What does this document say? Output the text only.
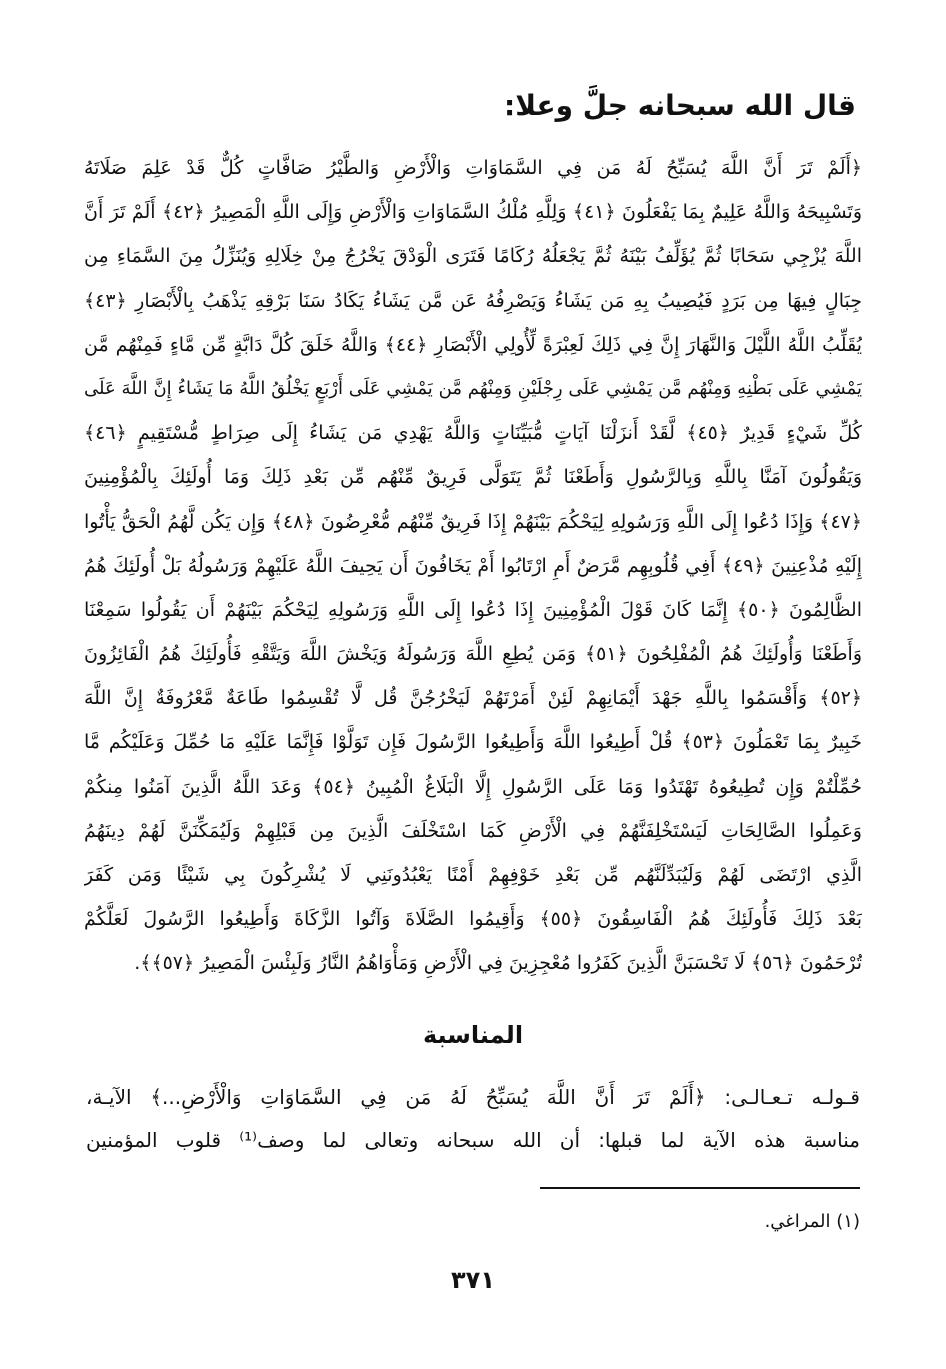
قال الله سبحانه جلَّ وعلا:
﴿أَلَمْ تَرَ أَنَّ اللَّهَ يُسَبِّحُ لَهُ مَن فِي السَّمَاوَاتِ وَالْأَرْضِ وَالطَّيْرُ صَافَّاتٍ كُلٌّ قَدْ عَلِمَ صَلَاتَهُ
وَتَسْبِيحَهُ وَاللَّهُ عَلِيمٌ بِمَا يَفْعَلُونَ ﴿٤١﴾ وَلِلَّهِ مُلْكُ السَّمَاوَاتِ وَالْأَرْضِ وَإِلَى اللَّهِ الْمَصِيرُ ﴿٤٢﴾ أَلَمْ تَرَ أَنَّ
اللَّهَ يُزْجِي سَحَابًا ثُمَّ يُؤَلِّفُ بَيْنَهُ ثُمَّ يَجْعَلُهُ رُكَامًا فَتَرَى الْوَدْقَ يَخْرُجُ مِنْ خِلَالِهِ وَيُنَزِّلُ مِنَ السَّمَاءِ مِن
جِبَالٍ فِيهَا مِن بَرَدٍ فَيُصِيبُ بِهِ مَن يَشَاءُ وَيَصْرِفُهُ عَن مَّن يَشَاءُ يَكَادُ سَنَا بَرْقِهِ يَذْهَبُ بِالْأَبْصَارِ ﴿٤٣﴾
يُقَلِّبُ اللَّهُ اللَّيْلَ وَالنَّهَارَ إِنَّ فِي ذَلِكَ لَعِبْرَةً لِّأُولِي الْأَبْصَارِ ﴿٤٤﴾ وَاللَّهُ خَلَقَ كُلَّ دَابَّةٍ مِّن مَّاءٍ فَمِنْهُم مَّن
يَمْشِي عَلَى بَطْنِهِ وَمِنْهُم مَّن يَمْشِي عَلَى رِجْلَيْنِ وَمِنْهُم مَّن يَمْشِي عَلَى أَرْبَعٍ يَخْلُقُ اللَّهُ مَا يَشَاءُ إِنَّ اللَّهَ عَلَى
كُلِّ شَيْءٍ قَدِيرٌ ﴿٤٥﴾ لَّقَدْ أَنزَلْنَا آيَاتٍ مُّبَيِّنَاتٍ وَاللَّهُ يَهْدِي مَن يَشَاءُ إِلَى صِرَاطٍ مُّسْتَقِيمٍ ﴿٤٦﴾
وَيَقُولُونَ آمَنَّا بِاللَّهِ وَبِالرَّسُولِ وَأَطَعْنَا ثُمَّ يَتَوَلَّى فَرِيقٌ مِّنْهُم مِّن بَعْدِ ذَلِكَ وَمَا أُولَئِكَ بِالْمُؤْمِنِينَ
﴿٤٧﴾ وَإِذَا دُعُوا إِلَى اللَّهِ وَرَسُولِهِ لِيَحْكُمَ بَيْنَهُمْ إِذَا فَرِيقٌ مِّنْهُم مُّعْرِضُونَ ﴿٤٨﴾ وَإِن يَكُن لَّهُمُ الْحَقُّ يَأْتُوا
إِلَيْهِ مُذْعِنِينَ ﴿٤٩﴾ أَفِي قُلُوبِهِم مَّرَضٌ أَمِ ارْتَابُوا أَمْ يَخَافُونَ أَن يَحِيفَ اللَّهُ عَلَيْهِمْ وَرَسُولُهُ بَلْ أُولَئِكَ هُمُ
الظَّالِمُونَ ﴿٥٠﴾ إِنَّمَا كَانَ قَوْلَ الْمُؤْمِنِينَ إِذَا دُعُوا إِلَى اللَّهِ وَرَسُولِهِ لِيَحْكُمَ بَيْنَهُمْ أَن يَقُولُوا سَمِعْنَا
وَأَطَعْنَا وَأُولَئِكَ هُمُ الْمُفْلِحُونَ ﴿٥١﴾ وَمَن يُطِعِ اللَّهَ وَرَسُولَهُ وَيَخْشَ اللَّهَ وَيَتَّقْهِ فَأُولَئِكَ هُمُ الْفَائِزُونَ
﴿٥٢﴾ وَأَقْسَمُوا بِاللَّهِ جَهْدَ أَيْمَانِهِمْ لَئِنْ أَمَرْتَهُمْ لَيَخْرُجُنَّ قُل لَّا تُقْسِمُوا طَاعَةٌ مَّعْرُوفَةٌ إِنَّ اللَّهَ
خَبِيرٌ بِمَا تَعْمَلُونَ ﴿٥٣﴾ قُلْ أَطِيعُوا اللَّهَ وَأَطِيعُوا الرَّسُولَ فَإِن تَوَلَّوْا فَإِنَّمَا عَلَيْهِ مَا حُمِّلَ وَعَلَيْكُم مَّا
حُمِّلْتُمْ وَإِن تُطِيعُوهُ تَهْتَدُوا وَمَا عَلَى الرَّسُولِ إِلَّا الْبَلَاغُ الْمُبِينُ ﴿٥٤﴾ وَعَدَ اللَّهُ الَّذِينَ آمَنُوا مِنكُمْ
وَعَمِلُوا الصَّالِحَاتِ لَيَسْتَخْلِفَنَّهُمْ فِي الْأَرْضِ كَمَا اسْتَخْلَفَ الَّذِينَ مِن قَبْلِهِمْ وَلَيُمَكِّنَنَّ لَهُمْ دِينَهُمُ
الَّذِي ارْتَضَى لَهُمْ وَلَيُبَدِّلَنَّهُم مِّن بَعْدِ خَوْفِهِمْ أَمْنًا يَعْبُدُونَنِي لَا يُشْرِكُونَ بِي شَيْئًا وَمَن كَفَرَ
بَعْدَ ذَلِكَ فَأُولَئِكَ هُمُ الْفَاسِقُونَ ﴿٥٥﴾ وَأَقِيمُوا الصَّلَاةَ وَآتُوا الزَّكَاةَ وَأَطِيعُوا الرَّسُولَ لَعَلَّكُمْ
تُرْحَمُونَ ﴿٥٦﴾ لَا تَحْسَبَنَّ الَّذِينَ كَفَرُوا مُعْجِزِينَ فِي الْأَرْضِ وَمَأْوَاهُمُ النَّارُ وَلَبِئْسَ الْمَصِيرُ ﴿٥٧﴾﴾.
المناسبة
قـولـه تـعـالـى: ﴿أَلَمْ تَرَ أَنَّ اللَّهَ يُسَبِّحُ لَهُ مَن فِي السَّمَاوَاتِ وَالْأَرْضِ...﴾ الآيـة،
مناسبة هذه الآية لما قبلها: أن الله سبحانه وتعالى لما وصف⁽¹⁾ قلوب المؤمنين
(١) المراغي.
٣٧١
